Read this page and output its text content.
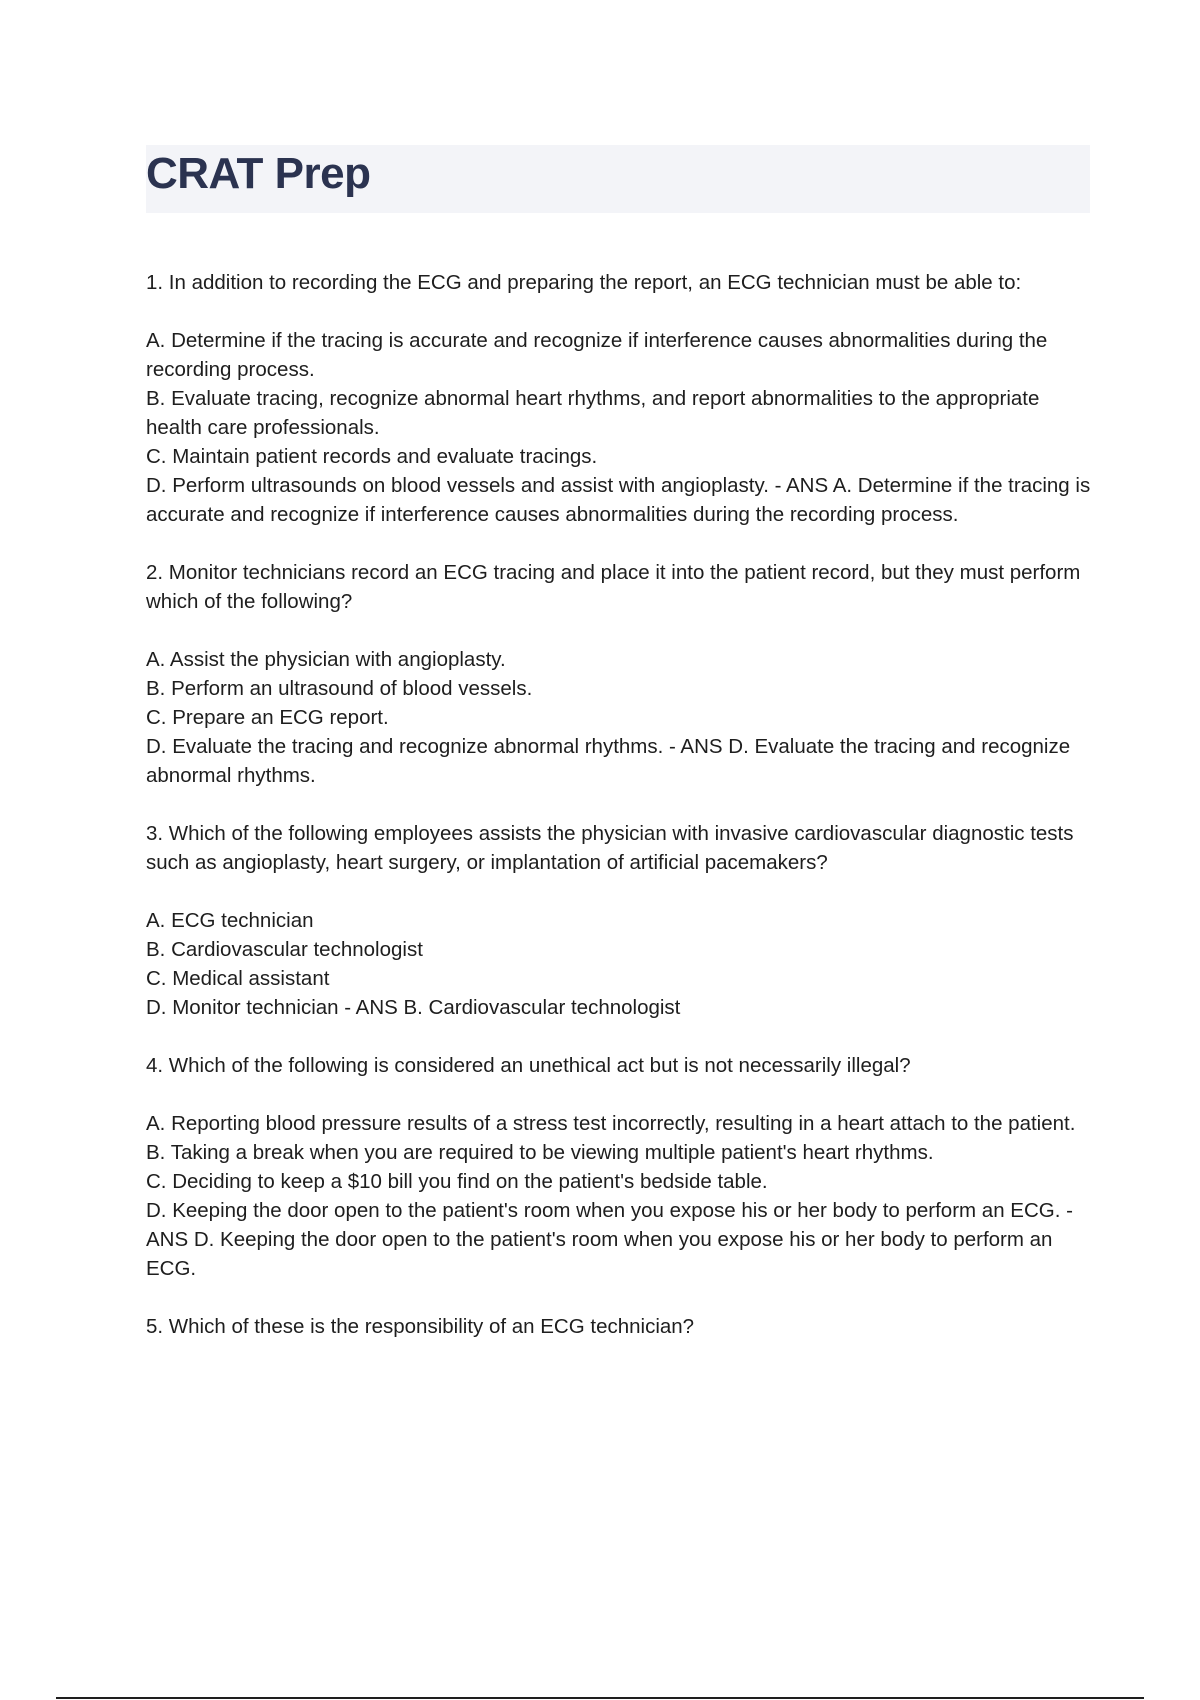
CRAT Prep

1. In addition to recording the ECG and preparing the report, an ECG technician must be able to:

A. Determine if the tracing is accurate and recognize if interference causes abnormalities during the recording process.

B. Evaluate tracing, recognize abnormal heart rhythms, and report abnormalities to the appropriate health care professionals.

C. Maintain patient records and evaluate tracings.

D. Perform ultrasounds on blood vessels and assist with angioplasty. - ANS A. Determine if the tracing is accurate and recognize if interference causes abnormalities during the recording process.

2. Monitor technicians record an ECG tracing and place it into the patient record, but they must perform which of the following?

A. Assist the physician with angioplasty.

B. Perform an ultrasound of blood vessels.

C. Prepare an ECG report.

D. Evaluate the tracing and recognize abnormal rhythms. - ANS D. Evaluate the tracing and recognize abnormal rhythms.

3. Which of the following employees assists the physician with invasive cardiovascular diagnostic tests such as angioplasty, heart surgery, or implantation of artificial pacemakers?

A. ECG technician

B. Cardiovascular technologist

C. Medical assistant

D. Monitor technician - ANS B. Cardiovascular technologist

4. Which of the following is considered an unethical act but is not necessarily illegal?

A. Reporting blood pressure results of a stress test incorrectly, resulting in a heart attach to the patient.

B. Taking a break when you are required to be viewing multiple patient's heart rhythms.

C. Deciding to keep a $10 bill you find on the patient's bedside table.

D. Keeping the door open to the patient's room when you expose his or her body to perform an ECG. - ANS D. Keeping the door open to the patient's room when you expose his or her body to perform an ECG.

5. Which of these is the responsibility of an ECG technician?
